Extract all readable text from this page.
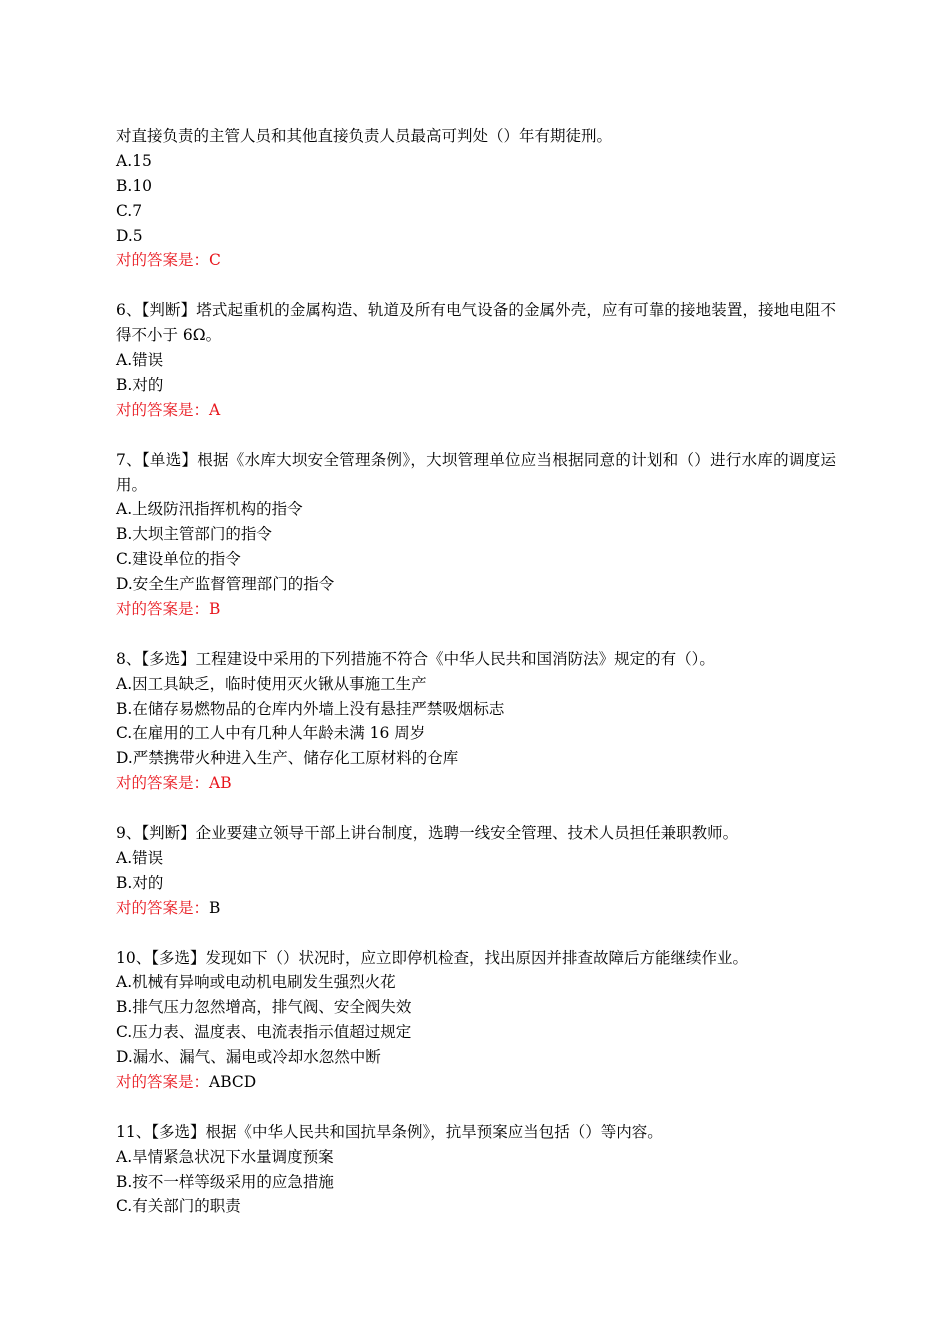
对直接负责的主管人员和其他直接负责人员最高可判处（）年有期徒刑。
A.15
B.10
C.7
D.5
对的答案是：C
6、【判断】塔式起重机的金属构造、轨道及所有电气设备的金属外壳，应有可靠的接地装置，接地电阻不得不小于 6Ω。
A.错误
B.对的
对的答案是：A
7、【单选】根据《水库大坝安全管理条例》，大坝管理单位应当根据同意的计划和（）进行水库的调度运用。
A.上级防汛指挥机构的指令
B.大坝主管部门的指令
C.建设单位的指令
D.安全生产监督管理部门的指令
对的答案是：B
8、【多选】工程建设中采用的下列措施不符合《中华人民共和国消防法》规定的有（）。
A.因工具缺乏，临时使用灭火锹从事施工生产
B.在储存易燃物品的仓库内外墙上没有悬挂严禁吸烟标志
C.在雇用的工人中有几种人年龄未满 16 周岁
D.严禁携带火种进入生产、储存化工原材料的仓库
对的答案是：AB
9、【判断】企业要建立领导干部上讲台制度，选聘一线安全管理、技术人员担任兼职教师。
A.错误
B.对的
对的答案是：B
10、【多选】发现如下（）状况时，应立即停机检查，找出原因并排查故障后方能继续作业。
A.机械有异响或电动机电刷发生强烈火花
B.排气压力忽然增高，排气阀、安全阀失效
C.压力表、温度表、电流表指示值超过规定
D.漏水、漏气、漏电或冷却水忽然中断
对的答案是：ABCD
11、【多选】根据《中华人民共和国抗旱条例》，抗旱预案应当包括（）等内容。
A.旱情紧急状况下水量调度预案
B.按不一样等级采用的应急措施
C.有关部门的职责
